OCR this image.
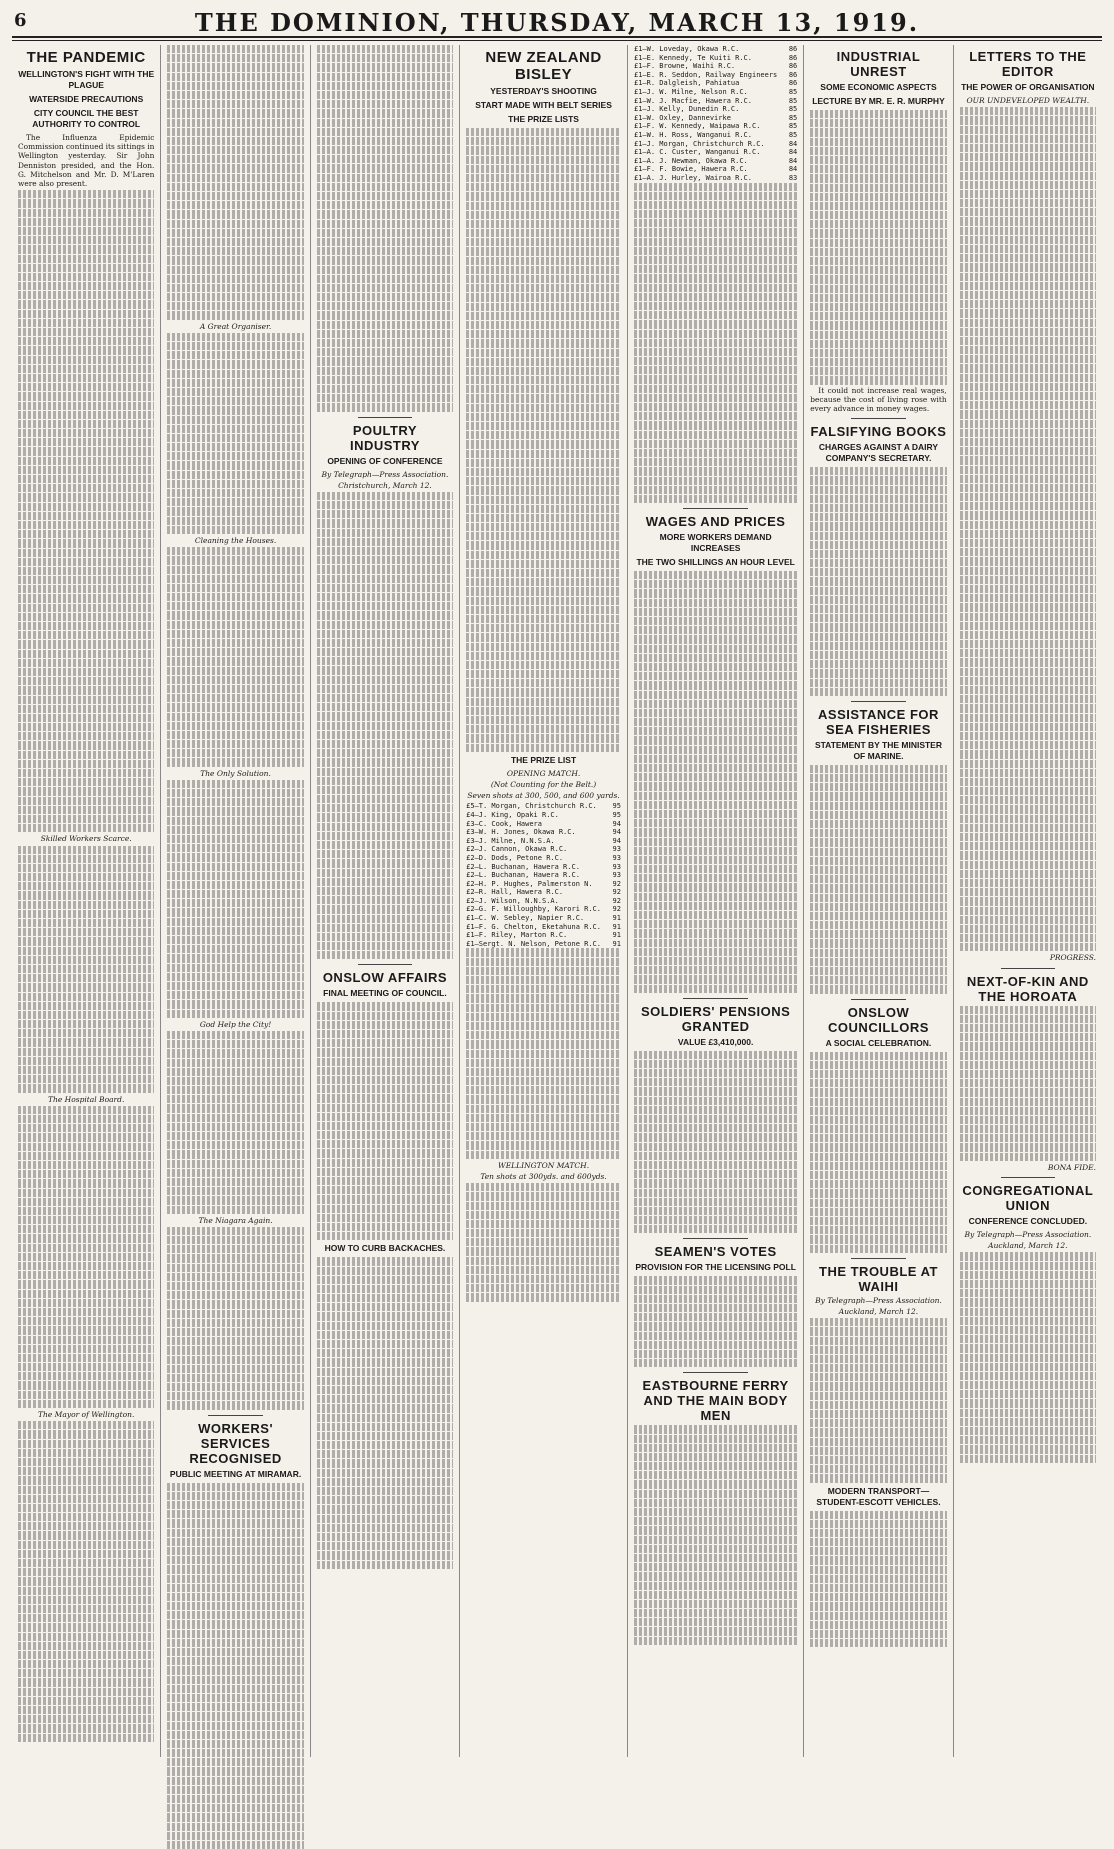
6	THE DOMINION, THURSDAY, MARCH 13, 1919.
THE PANDEMIC
WELLINGTON'S FIGHT WITH THE PLAGUE
WATERSIDE PRECAUTIONS
CITY COUNCIL THE BEST AUTHORITY TO CONTROL
The Influenza Epidemic Commission continued its sittings in Wellington yesterday. Sir John Denniston presided, and the Hon. G. Mitchelson and Mr. D. M'Laren were also present.
Skilled Workers Scarce.
The Hospital Board.
The Mayor of Wellington.
A Great Organiser.
Cleaning the Houses.
The Only Solution.
God Help the City!
The Niagara Again.
WORKERS' SERVICES RECOGNISED
PUBLIC MEETING AT MIRAMAR.
POULTRY INDUSTRY
OPENING OF CONFERENCE
By Telegraph—Press Association.
Christchurch, March 12.
ONSLOW AFFAIRS
FINAL MEETING OF COUNCIL.
HOW TO CURB BACKACHES.
NEW ZEALAND BISLEY
YESTERDAY'S SHOOTING
START MADE WITH BELT SERIES
THE PRIZE LISTS
THE PRIZE LIST
OPENING MATCH.
(Not Counting for the Belt.)
Seven shots at 300, 500, and 600 yards.
£5—T. Morgan, Christchurch R.C.	95
£4—J. King, Opaki R.C.	95
£3—C. Cook, Hawera	94
£3—W. H. Jones, Okawa R.C.	94
£3—J. Milne, N.N.S.A.	94
£2—J. Cannon, Okawa R.C.	93
£2—D. Dods, Petone R.C.	93
£2—L. Buchanan, Hawera R.C.	93
£2—L. Buchanan, Hawera R.C.	93
£2—H. P. Hughes, Palmerston N.	92
£2—R. Hall, Hawera R.C.	92
£2—J. Wilson, N.N.S.A.	92
£2—G. F. Willoughby, Karori R.C.	92
£1—C. W. Sebley, Napier R.C.	91
£1—F. G. Chelton, Eketahuna R.C.	91
£1—F. Riley, Marton R.C.	91
£1—Sergt. N. Nelson, Petone R.C.	91
WELLINGTON MATCH.
Ten shots at 300yds. and 600yds.
£1—W. Loveday, Okawa R.C.	86
£1—E. Kennedy, Te Kuiti R.C.	86
£1—F. Browne, Waihi R.C.	86
£1—E. R. Seddon, Railway Engineers	86
£1—R. Dalgleish, Pahiatua	86
£1—J. W. Milne, Nelson R.C.	85
£1—W. J. Macfie, Hawera R.C.	85
£1—J. Kelly, Dunedin R.C.	85
£1—W. Oxley, Dannevirke	85
£1—F. W. Kennedy, Waipawa R.C.	85
£1—W. H. Ross, Wanganui R.C.	85
£1—J. Morgan, Christchurch R.C.	84
£1—A. C. Custer, Wanganui R.C.	84
£1—A. J. Newman, Okawa R.C.	84
£1—F. F. Bowie, Hawera R.C.	84
£1—A. J. Hurley, Wairoa R.C.	83
WAGES AND PRICES
MORE WORKERS DEMAND INCREASES
THE TWO SHILLINGS AN HOUR LEVEL
SOLDIERS' PENSIONS GRANTED
VALUE £3,410,000.
SEAMEN'S VOTES
PROVISION FOR THE LICENSING POLL
EASTBOURNE FERRY AND THE MAIN BODY MEN
INDUSTRIAL UNREST
SOME ECONOMIC ASPECTS
LECTURE BY MR. E. R. MURPHY
It could not increase real wages, because the cost of living rose with every advance in money wages.
FALSIFYING BOOKS
CHARGES AGAINST A DAIRY COMPANY'S SECRETARY.
ASSISTANCE FOR SEA FISHERIES
STATEMENT BY THE MINISTER OF MARINE.
ONSLOW COUNCILLORS
A SOCIAL CELEBRATION.
THE TROUBLE AT WAIHI
By Telegraph—Press Association.
Auckland, March 12.
MODERN TRANSPORT—STUDENT-ESCOTT VEHICLES.
LETTERS TO THE EDITOR
THE POWER OF ORGANISATION
OUR UNDEVELOPED WEALTH.
PROGRESS.
NEXT-OF-KIN AND THE HOROATA
BONA FIDE.
CONGREGATIONAL UNION
CONFERENCE CONCLUDED.
By Telegraph—Press Association.
Auckland, March 12.
